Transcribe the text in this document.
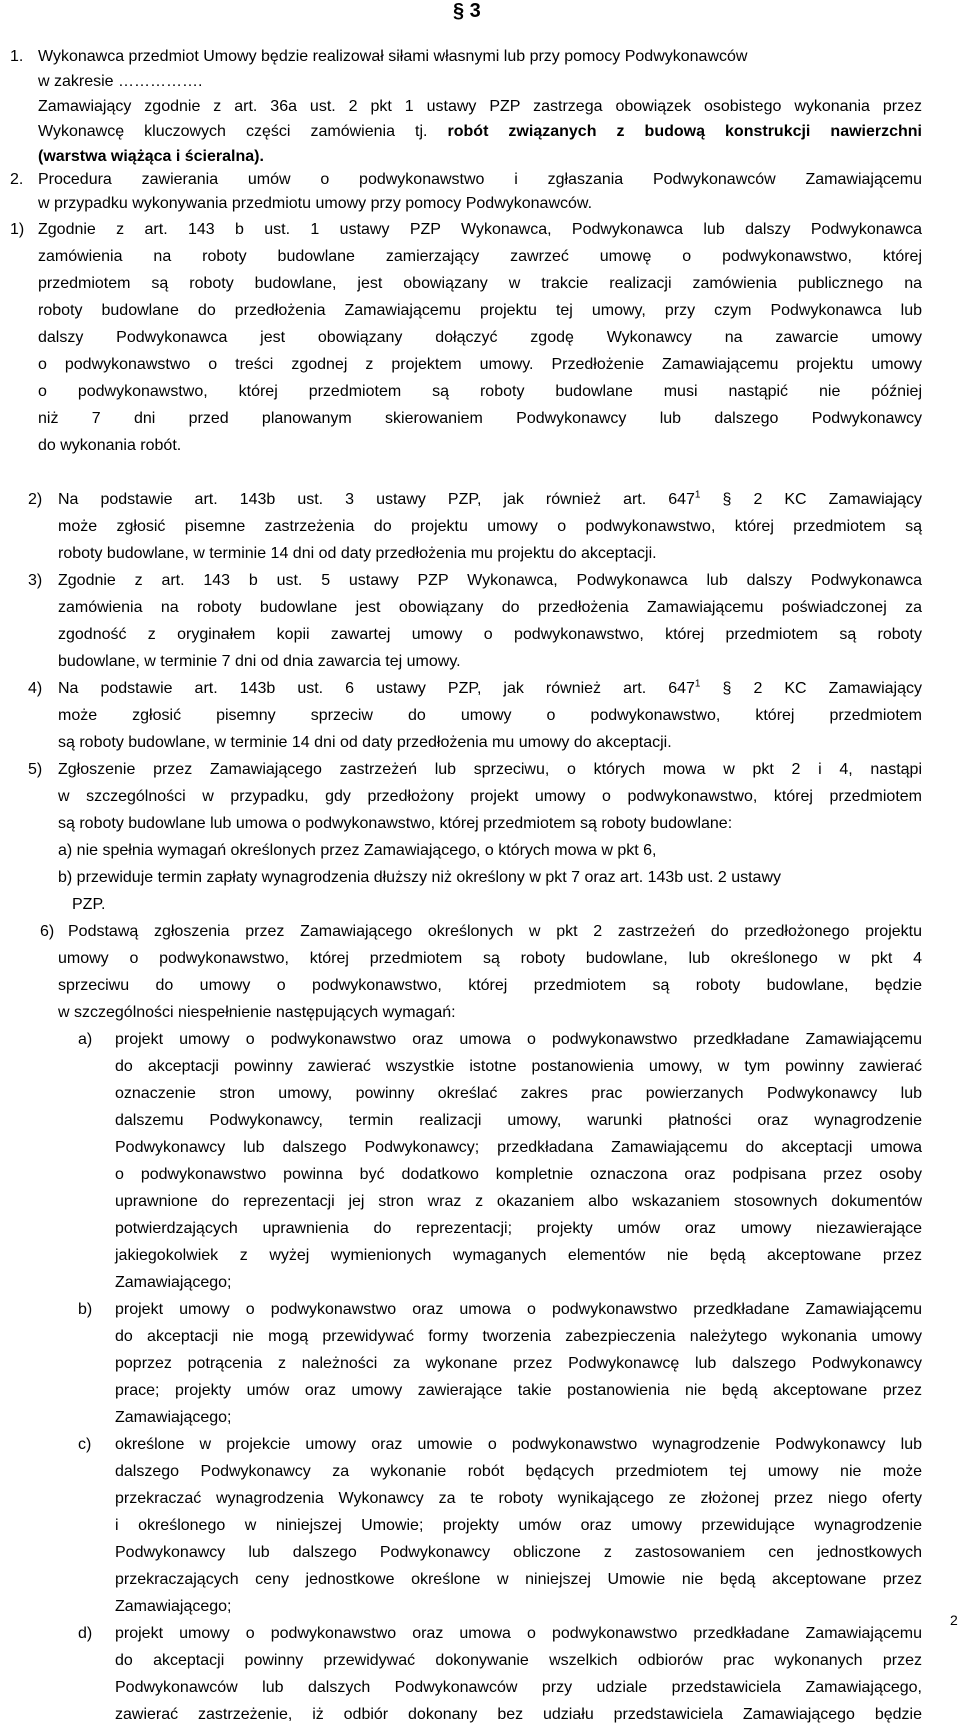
§ 3
1. Wykonawca przedmiot Umowy będzie realizował siłami własnymi lub przy pomocy Podwykonawców
w zakresie …………….
Zamawiający zgodnie z art. 36a ust. 2 pkt 1 ustawy PZP zastrzega obowiązek osobistego wykonania przez
Wykonawcę kluczowych części zamówienia tj. robót związanych z budową konstrukcji nawierzchni
(warstwa wiążąca i ścieralna).
2. Procedura zawierania umów o podwykonawstwo i zgłaszania Podwykonawców Zamawiającemu
w przypadku wykonywania przedmiotu umowy przy pomocy Podwykonawców.
1) Zgodnie z art. 143 b ust. 1 ustawy PZP Wykonawca, Podwykonawca lub dalszy Podwykonawca
zamówienia na roboty budowlane zamierzający zawrzeć umowę o podwykonawstwo, której
przedmiotem są roboty budowlane, jest obowiązany w trakcie realizacji zamówienia publicznego na
roboty budowlane do przedłożenia Zamawiającemu projektu tej umowy, przy czym Podwykonawca lub
dalszy Podwykonawca jest obowiązany dołączyć zgodę Wykonawcy na zawarcie umowy
o podwykonawstwo o treści zgodnej z projektem umowy. Przedłożenie Zamawiającemu projektu umowy
o podwykonawstwo, której przedmiotem są roboty budowlane musi nastąpić nie później
niż 7 dni przed planowanym skierowaniem Podwykonawcy lub dalszego Podwykonawcy
do wykonania robót.
2) Na podstawie art. 143b ust. 3 ustawy PZP, jak również art. $647^1$ § 2 KC Zamawiający
może zgłosić pisemne zastrzeżenia do projektu umowy o podwykonawstwo, której przedmiotem są
roboty budowlane, w terminie 14 dni od daty przedłożenia mu projektu do akceptacji.
3) Zgodnie z art. 143 b ust. 5 ustawy PZP Wykonawca, Podwykonawca lub dalszy Podwykonawca
zamówienia na roboty budowlane jest obowiązany do przedłożenia Zamawiającemu poświadczonej za
zgodność z oryginałem kopii zawartej umowy o podwykonawstwo, której przedmiotem są roboty
budowlane, w terminie 7 dni od dnia zawarcia tej umowy.
4) Na podstawie art. 143b ust. 6 ustawy PZP, jak również art. $647^1$ § 2 KC Zamawiający
może zgłosić pisemny sprzeciw do umowy o podwykonawstwo, której przedmiotem
są roboty budowlane, w terminie 14 dni od daty przedłożenia mu umowy do akceptacji.
5) Zgłoszenie przez Zamawiającego zastrzeżeń lub sprzeciwu, o których mowa w pkt 2 i 4, nastąpi
w szczególności w przypadku, gdy przedłożony projekt umowy o podwykonawstwo, której przedmiotem
są roboty budowlane lub umowa o podwykonawstwo, której przedmiotem są roboty budowlane:
a) nie spełnia wymagań określonych przez Zamawiającego, o których mowa w pkt 6,
b) przewiduje termin zapłaty wynagrodzenia dłuższy niż określony w pkt 7 oraz art. 143b ust. 2 ustawy
PZP.
6) Podstawą zgłoszenia przez Zamawiającego określonych w pkt 2 zastrzeżeń do przedłożonego projektu
umowy o podwykonawstwo, której przedmiotem są roboty budowlane, lub określonego w pkt 4
sprzeciwu do umowy o podwykonawstwo, której przedmiotem są roboty budowlane, będzie
w szczególności niespełnienie następujących wymagań:
a) projekt umowy o podwykonawstwo oraz umowa o podwykonawstwo przedkładane Zamawiającemu
do akceptacji powinny zawierać wszystkie istotne postanowienia umowy, w tym powinny zawierać
oznaczenie stron umowy, powinny określać zakres prac powierzanych Podwykonawcy lub
dalszemu Podwykonawcy, termin realizacji umowy, warunki płatności oraz wynagrodzenie
Podwykonawcy lub dalszego Podwykonawcy; przedkładana Zamawiającemu do akceptacji umowa
o podwykonawstwo powinna być dodatkowo kompletnie oznaczona oraz podpisana przez osoby
uprawnione do reprezentacji jej stron wraz z okazaniem albo wskazaniem stosownych dokumentów
potwierdzających uprawnienia do reprezentacji; projekty umów oraz umowy niezawierające
jakiegokolwiek z wyżej wymienionych wymaganych elementów nie będą akceptowane przez
Zamawiającego;
b) projekt umowy o podwykonawstwo oraz umowa o podwykonawstwo przedkładane Zamawiającemu
do akceptacji nie mogą przewidywać formy tworzenia zabezpieczenia należytego wykonania umowy
poprzez potrącenia z należności za wykonane przez Podwykonawcę lub dalszego Podwykonawcy
prace; projekty umów oraz umowy zawierające takie postanowienia nie będą akceptowane przez
Zamawiającego;
c) określone w projekcie umowy oraz umowie o podwykonawstwo wynagrodzenie Podwykonawcy lub
dalszego Podwykonawcy za wykonanie robót będących przedmiotem tej umowy nie może
przekraczać wynagrodzenia Wykonawcy za te roboty wynikającego ze złożonej przez niego oferty
i określonego w niniejszej Umowie; projekty umów oraz umowy przewidujące wynagrodzenie
Podwykonawcy lub dalszego Podwykonawcy obliczone z zastosowaniem cen jednostkowych
przekraczających ceny jednostkowe określone w niniejszej Umowie nie będą akceptowane przez
Zamawiającego;
d) projekt umowy o podwykonawstwo oraz umowa o podwykonawstwo przedkładane Zamawiającemu
do akceptacji powinny przewidywać dokonywanie wszelkich odbiorów prac wykonanych przez
Podwykonawców lub dalszych Podwykonawców przy udziale przedstawiciela Zamawiającego,
zawierać zastrzeżenie, iż odbiór dokonany bez udziału przedstawiciela Zamawiającego będzie
2
